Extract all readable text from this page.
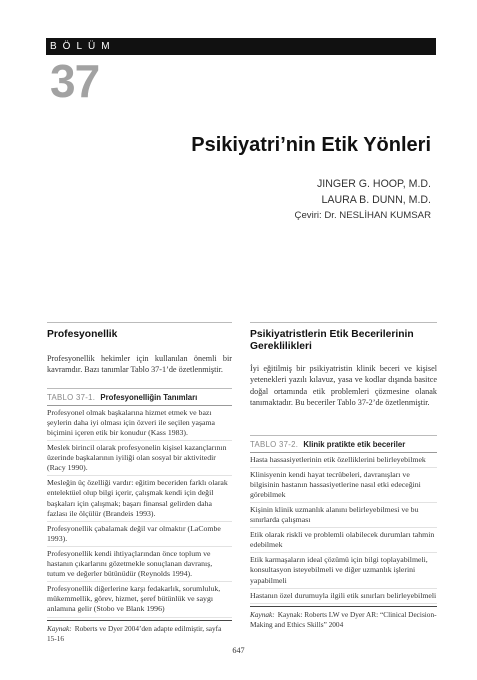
BÖLÜM
37
Psikiyatri’nin Etik Yönleri
JINGER G. HOOP, M.D.
LAURA B. DUNN, M.D.
Çeviri: Dr. NESLİHAN KUMSAR
Profesyonellik
Profesyonellik hekimler için kullanılan önemli bir kavramdır. Bazı tanımlar Tablo 37-1’de özetlenmiştir.
TABLO 37-1. Profesyonelliğin Tanımları
Profesyonel olmak başkalarına hizmet etmek ve bazı şeylerin daha iyi olması için özveri ile seçilen yaşama biçimini içeren etik bir konudur (Kass 1983).
Meslek birincil olarak profesyonelin kişisel kazançlarının üzerinde başkalarının iyiliği olan sosyal bir aktivitedir (Racy 1990).
Mesleğin üç özelliği vardır: eğitim beceriden farklı olarak entelektüel olup bilgi içerir, çalışmak kendi için değil başkaları için çalışmak; başarı finansal gelirden daha fazlası ile ölçülür (Brandeis 1993).
Profesyonellik çabalamak değil var olmaktır (LaCombe 1993).
Profesyonellik kendi ihtiyaçlarından önce toplum ve hastanın çıkarlarını gözetmekle sonuçlanan davranış, tutum ve değerler bütünüdür (Reynolds 1994).
Profesyonellik diğerlerine karşı fedakarlık, sorumluluk, mükemmellik, görev, hizmet, şeref bütünlük ve saygı anlamına gelir (Stobo ve Blank 1996)
Kaynak: Roberts ve Dyer 2004’den adapte edilmiştir, sayfa 15-16
Psikiyatristlerin Etik Becerilerinin Gereklilikleri
İyi eğitilmiş bir psikiyatristin klinik beceri ve kişisel yetenekleri yazılı kılavuz, yasa ve kodlar dışında basitce doğal ortamında etik problemleri çözmesine olanak tanımaktadır. Bu beceriler Tablo 37-2’de özetlenmiştir.
TABLO 37-2. Klinik pratikte etik beceriler
Hasta hassasiyetlerinin etik özelliklerini belirleyebilmek
Klinisyenin kendi hayat tecrübeleri, davranışları ve bilgisinin hastanın hassasiyetlerine nasıl etki edeceğini görebilmek
Kişinin klinik uzmanlık alanını belirleyebilmesi ve bu sınırlarda çalışması
Etik olarak riskli ve problemli olabilecek durumları tahmin edebilmek
Etik karmaşaların ideal çözümü için bilgi toplayabilmeli, konsultasyon isteyebilmeli ve diğer uzmanlık işlerini yapabilmeli
Hastanın özel durumuyla ilgili etik sınırları belirleyebilmeli
Kaynak: Kaynak: Roberts LW ve Dyer AR: “Clinical Decision-Making and Ethics Skills” 2004
647
